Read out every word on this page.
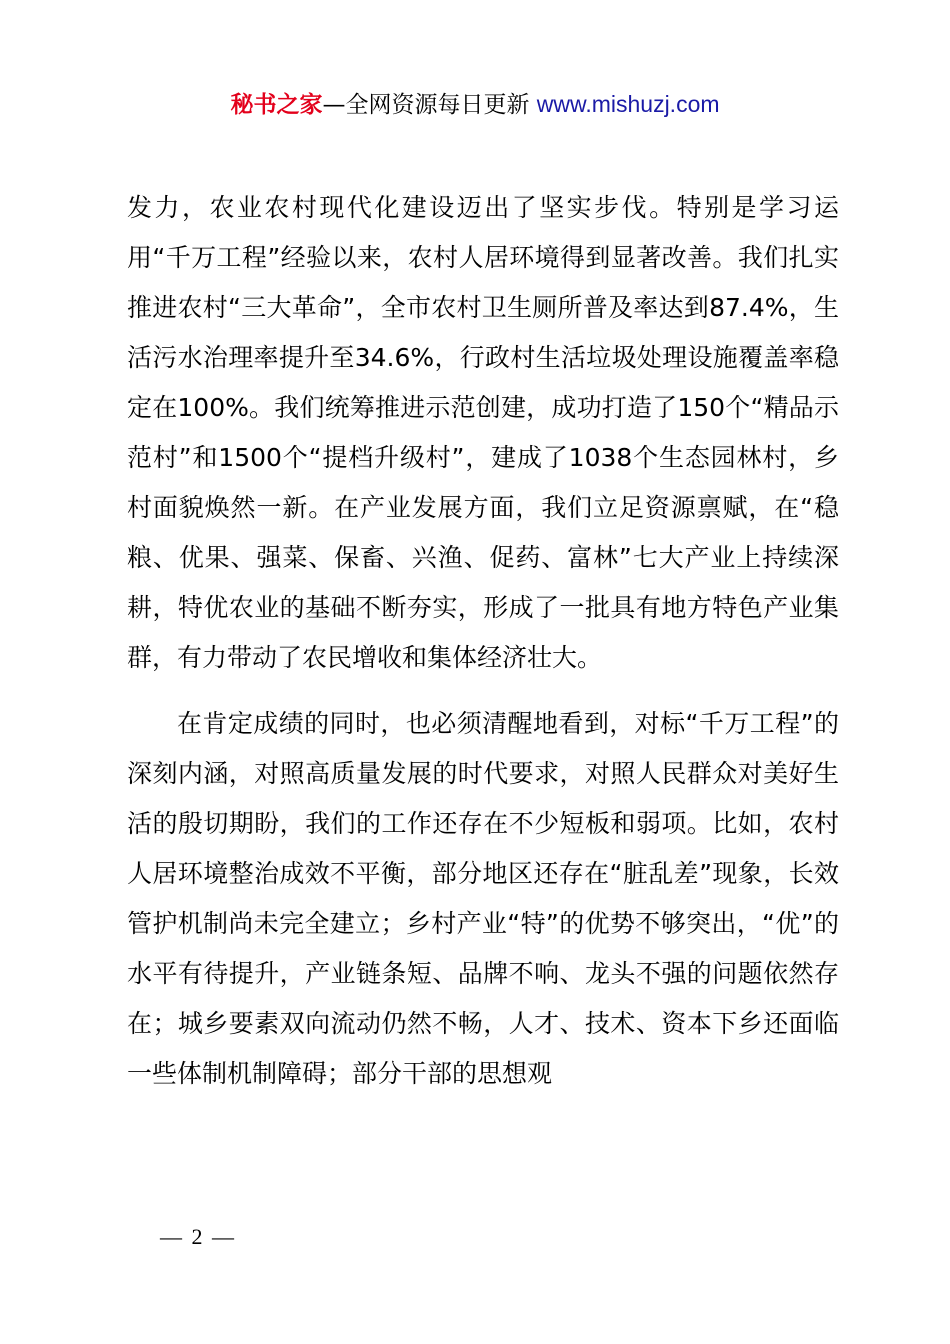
秘书之家—全网资源每日更新 www.mishuzj.com

发力，农业农村现代化建设迈出了坚实步伐。特别是学习运用“千万工程”经验以来，农村人居环境得到显著改善。我们扎实推进农村“三大革命”，全市农村卫生厕所普及率达到87.4%，生活污水治理率提升至34.6%，行政村生活垃圾处理设施覆盖率稳定在100%。我们统筹推进示范创建，成功打造了150个“精品示范村”和1500个“提档升级村”，建成了1038个生态园林村，乡村面貌焕然一新。在产业发展方面，我们立足资源禀赋，在“稳粮、优果、强菜、保畜、兴渔、促药、富林”七大产业上持续深耕，特优农业的基础不断夯实，形成了一批具有地方特色产业集群，有力带动了农民增收和集体经济壮大。

在肯定成绩的同时，也必须清醒地看到，对标“千万工程”的深刻内涵，对照高质量发展的时代要求，对照人民群众对美好生活的殷切期盼，我们的工作还存在不少短板和弱项。比如，农村人居环境整治成效不平衡，部分地区还存在“脏乱差”现象，长效管护机制尚未完全建立；乡村产业“特”的优势不够突出，“优”的水平有待提升，产业链条短、品牌不响、龙头不强的问题依然存在；城乡要素双向流动仍然不畅，人才、技术、资本下乡还面临一些体制机制障碍；部分干部的思想观

— 2 —
